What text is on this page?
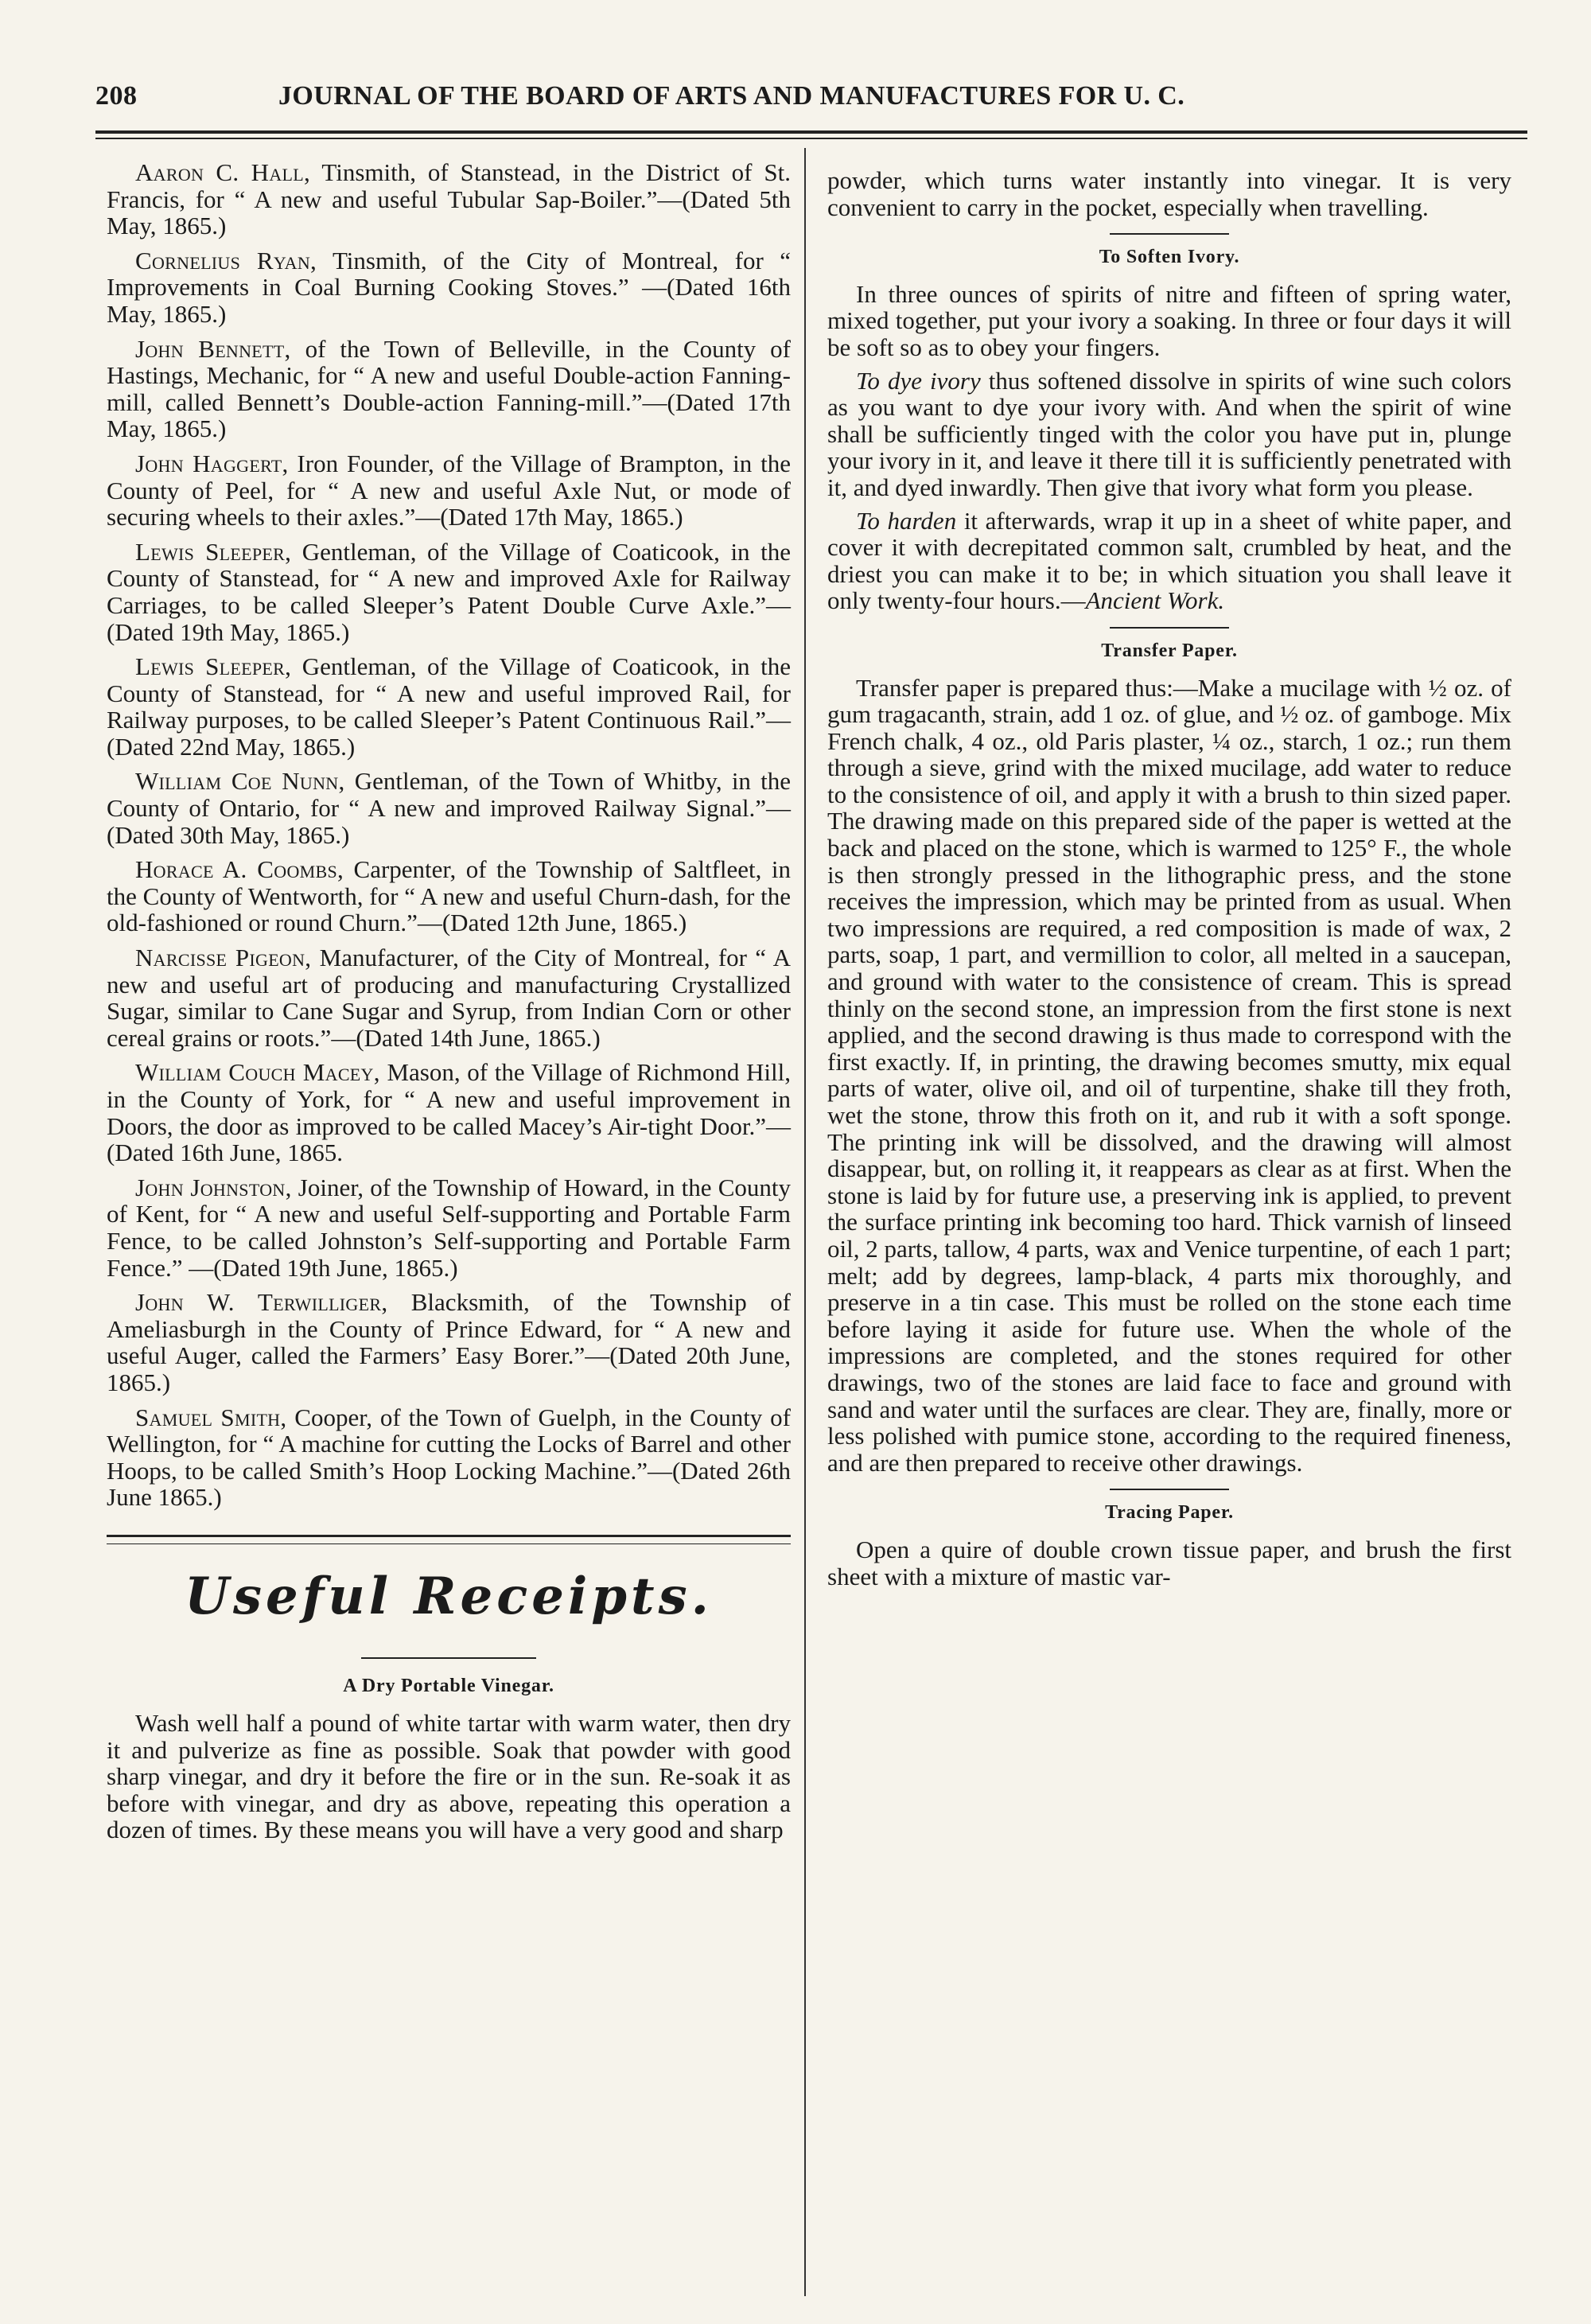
208	JOURNAL OF THE BOARD OF ARTS AND MANUFACTURES FOR U. C.

Aaron C. Hall, Tinsmith, of Stanstead, in the District of St. Francis, for “ A new and useful Tubular Sap-Boiler.”—(Dated 5th May, 1865.)

Cornelius Ryan, Tinsmith, of the City of Montreal, for “ Improvements in Coal Burning Cooking Stoves.” —(Dated 16th May, 1865.)

John Bennett, of the Town of Belleville, in the County of Hastings, Mechanic, for “ A new and useful Double-action Fanning-mill, called Bennett’s Double-action Fanning-mill.”—(Dated 17th May, 1865.)

John Haggert, Iron Founder, of the Village of Brampton, in the County of Peel, for “ A new and useful Axle Nut, or mode of securing wheels to their axles.”—(Dated 17th May, 1865.)

Lewis Sleeper, Gentleman, of the Village of Coaticook, in the County of Stanstead, for “ A new and improved Axle for Railway Carriages, to be called Sleeper’s Patent Double Curve Axle.”—(Dated 19th May, 1865.)

Lewis Sleeper, Gentleman, of the Village of Coaticook, in the County of Stanstead, for “ A new and useful improved Rail, for Railway purposes, to be called Sleeper’s Patent Continuous Rail.”—(Dated 22nd May, 1865.)

William Coe Nunn, Gentleman, of the Town of Whitby, in the County of Ontario, for “ A new and improved Railway Signal.”—(Dated 30th May, 1865.)

Horace A. Coombs, Carpenter, of the Township of Saltfleet, in the County of Wentworth, for “ A new and useful Churn-dash, for the old-fashioned or round Churn.”—(Dated 12th June, 1865.)

Narcisse Pigeon, Manufacturer, of the City of Montreal, for “ A new and useful art of producing and manufacturing Crystallized Sugar, similar to Cane Sugar and Syrup, from Indian Corn or other cereal grains or roots.”—(Dated 14th June, 1865.)

William Couch Macey, Mason, of the Village of Richmond Hill, in the County of York, for “ A new and useful improvement in Doors, the door as improved to be called Macey’s Air-tight Door.”—(Dated 16th June, 1865.

John Johnston, Joiner, of the Township of Howard, in the County of Kent, for “ A new and useful Self-supporting and Portable Farm Fence, to be called Johnston’s Self-supporting and Portable Farm Fence.” —(Dated 19th June, 1865.)

John W. Terwilliger, Blacksmith, of the Township of Ameliasburgh in the County of Prince Edward, for “ A new and useful Auger, called the Farmers’ Easy Borer.”—(Dated 20th June, 1865.)

Samuel Smith, Cooper, of the Town of Guelph, in the County of Wellington, for “ A machine for cutting the Locks of Barrel and other Hoops, to be called Smith’s Hoop Locking Machine.”—(Dated 26th June 1865.)

Useful Receipts.
A Dry Portable Vinegar.

Wash well half a pound of white tartar with warm water, then dry it and pulverize as fine as possible. Soak that powder with good sharp vinegar, and dry it before the fire or in the sun. Re-soak it as before with vinegar, and dry as above, repeating this operation a dozen of times. By these means you will have a very good and sharp

powder, which turns water instantly into vinegar. It is very convenient to carry in the pocket, especially when travelling.

To Soften Ivory.

In three ounces of spirits of nitre and fifteen of spring water, mixed together, put your ivory a soaking. In three or four days it will be soft so as to obey your fingers.

To dye ivory thus softened dissolve in spirits of wine such colors as you want to dye your ivory with. And when the spirit of wine shall be sufficiently tinged with the color you have put in, plunge your ivory in it, and leave it there till it is sufficiently penetrated with it, and dyed inwardly. Then give that ivory what form you please.

To harden it afterwards, wrap it up in a sheet of white paper, and cover it with decrepitated common salt, crumbled by heat, and the driest you can make it to be; in which situation you shall leave it only twenty-four hours.—Ancient Work.

Transfer Paper.

Transfer paper is prepared thus:—Make a mucilage with ½ oz. of gum tragacanth, strain, add 1 oz. of glue, and ½ oz. of gamboge. Mix French chalk, 4 oz., old Paris plaster, ¼ oz., starch, 1 oz.; run them through a sieve, grind with the mixed mucilage, add water to reduce to the consistence of oil, and apply it with a brush to thin sized paper. The drawing made on this prepared side of the paper is wetted at the back and placed on the stone, which is warmed to 125° F., the whole is then strongly pressed in the lithographic press, and the stone receives the impression, which may be printed from as usual. When two impressions are required, a red composition is made of wax, 2 parts, soap, 1 part, and vermillion to color, all melted in a saucepan, and ground with water to the consistence of cream. This is spread thinly on the second stone, an impression from the first stone is next applied, and the second drawing is thus made to correspond with the first exactly. If, in printing, the drawing becomes smutty, mix equal parts of water, olive oil, and oil of turpentine, shake till they froth, wet the stone, throw this froth on it, and rub it with a soft sponge. The printing ink will be dissolved, and the drawing will almost disappear, but, on rolling it, it reappears as clear as at first. When the stone is laid by for future use, a preserving ink is applied, to prevent the surface printing ink becoming too hard. Thick varnish of linseed oil, 2 parts, tallow, 4 parts, wax and Venice turpentine, of each 1 part; melt; add by degrees, lamp-black, 4 parts mix thoroughly, and preserve in a tin case. This must be rolled on the stone each time before laying it aside for future use. When the whole of the impressions are completed, and the stones required for other drawings, two of the stones are laid face to face and ground with sand and water until the surfaces are clear. They are, finally, more or less polished with pumice stone, according to the required fineness, and are then prepared to receive other drawings.

Tracing Paper.

Open a quire of double crown tissue paper, and brush the first sheet with a mixture of mastic var-
